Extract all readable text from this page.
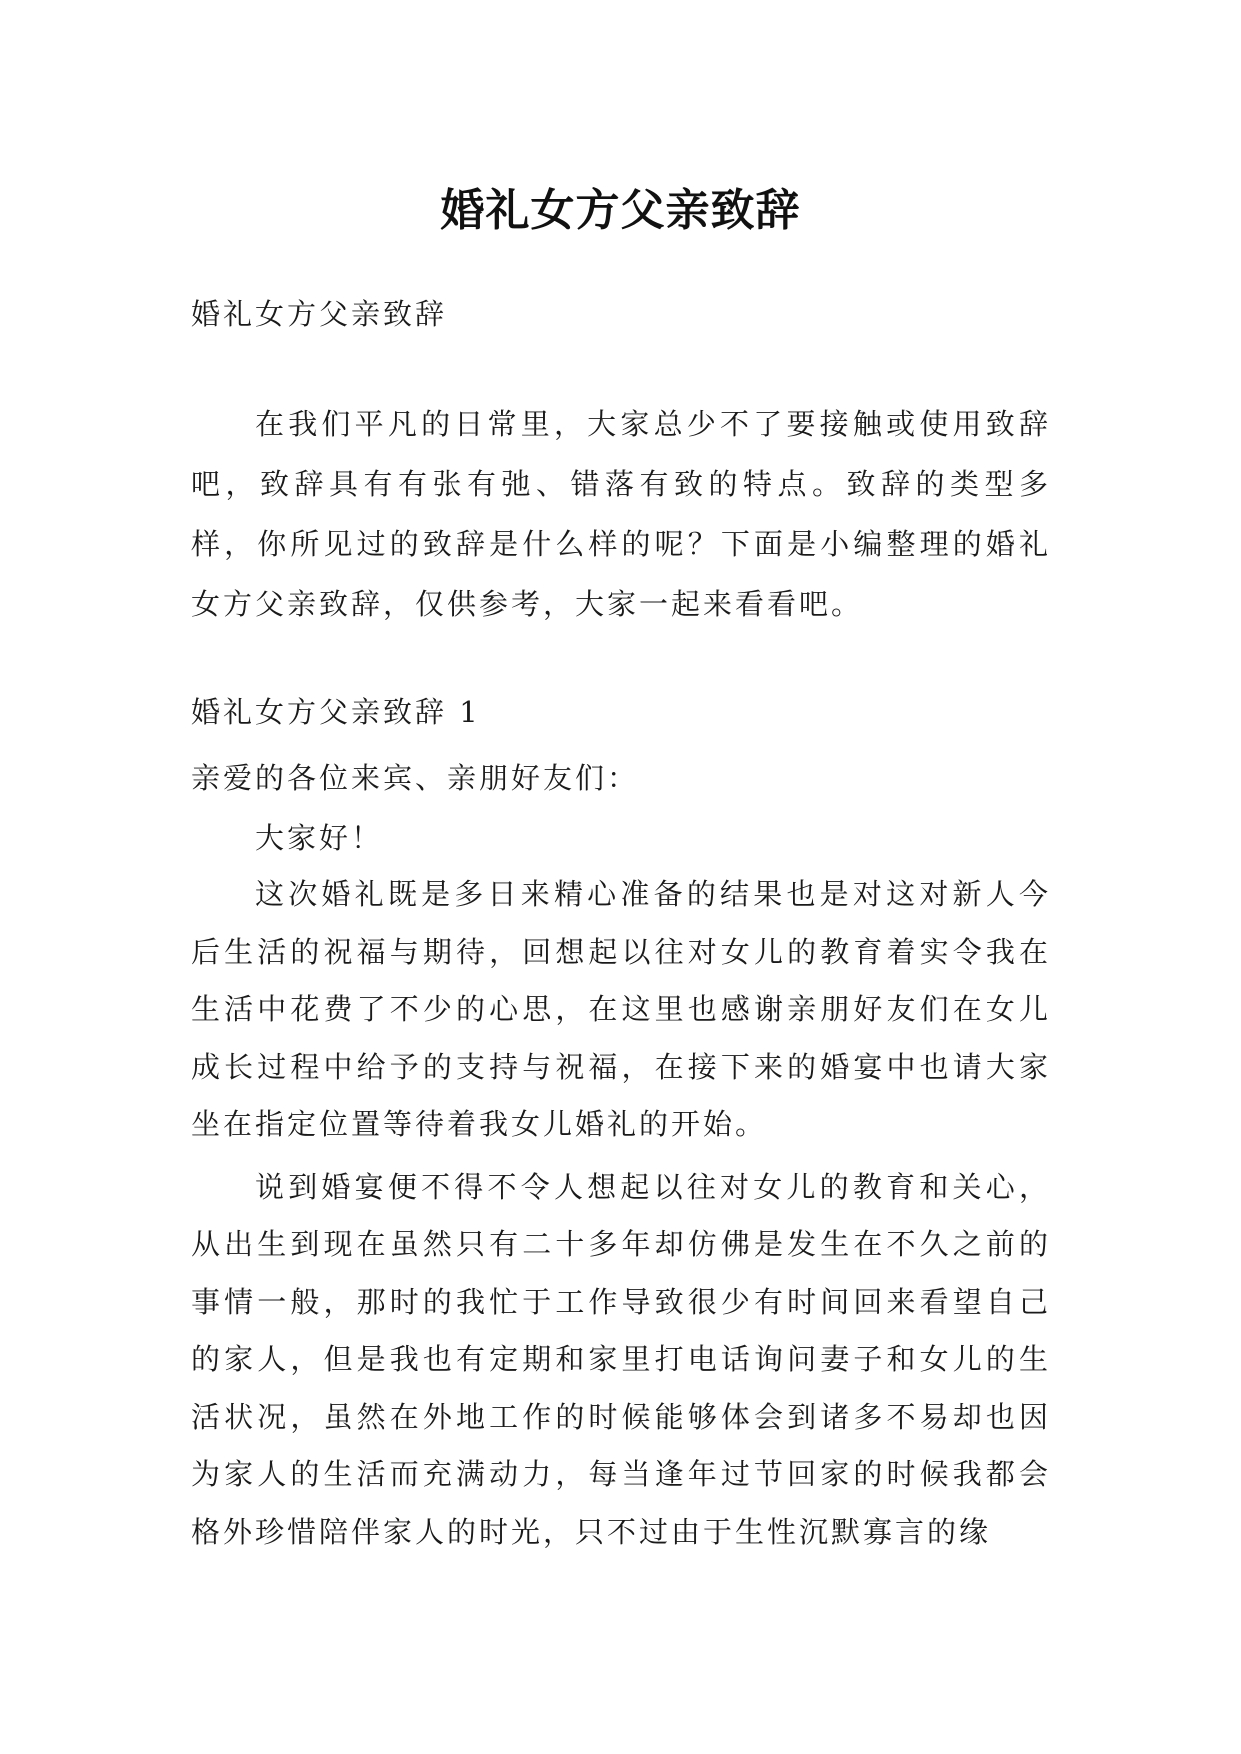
婚礼女方父亲致辞

婚礼女方父亲致辞

在我们平凡的日常里，大家总少不了要接触或使用致辞吧，致辞具有有张有弛、错落有致的特点。致辞的类型多样，你所见过的致辞是什么样的呢？下面是小编整理的婚礼女方父亲致辞，仅供参考，大家一起来看看吧。

婚礼女方父亲致辞 1

亲爱的各位来宾、亲朋好友们：

大家好！

这次婚礼既是多日来精心准备的结果也是对这对新人今后生活的祝福与期待，回想起以往对女儿的教育着实令我在生活中花费了不少的心思，在这里也感谢亲朋好友们在女儿成长过程中给予的支持与祝福，在接下来的婚宴中也请大家坐在指定位置等待着我女儿婚礼的开始。

说到婚宴便不得不令人想起以往对女儿的教育和关心，从出生到现在虽然只有二十多年却仿佛是发生在不久之前的事情一般，那时的我忙于工作导致很少有时间回来看望自己的家人，但是我也有定期和家里打电话询问妻子和女儿的生活状况，虽然在外地工作的时候能够体会到诸多不易却也因为家人的生活而充满动力，每当逢年过节回家的时候我都会格外珍惜陪伴家人的时光，只不过由于生性沉默寡言的缘
